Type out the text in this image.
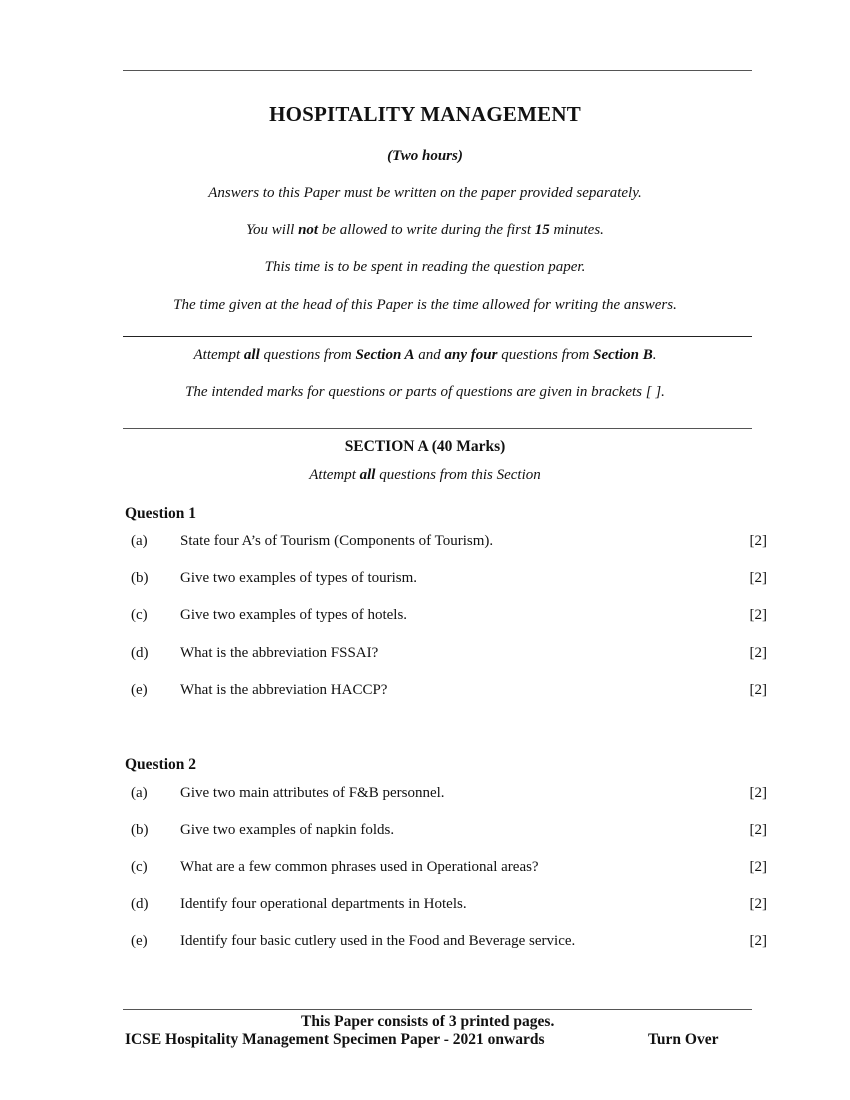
HOSPITALITY MANAGEMENT
(Two hours)
Answers to this Paper must be written on the paper provided separately.
You will not be allowed to write during the first 15 minutes.
This time is to be spent in reading the question paper.
The time given at the head of this Paper is the time allowed for writing the answers.
Attempt all questions from Section A and any four questions from Section B.
The intended marks for questions or parts of questions are given in brackets [ ].
SECTION A (40 Marks)
Attempt all questions from this Section
Question 1
(a) State four A’s of Tourism (Components of Tourism).	[2]
(b) Give two examples of types of tourism.	[2]
(c) Give two examples of types of hotels.	[2]
(d) What is the abbreviation FSSAI?	[2]
(e) What is the abbreviation HACCP?	[2]
Question 2
(a) Give two main attributes of F&B personnel.	[2]
(b) Give two examples of napkin folds.	[2]
(c) What are a few common phrases used in Operational areas?	[2]
(d) Identify four operational departments in Hotels.	[2]
(e) Identify four basic cutlery used in the Food and Beverage service.	[2]
This Paper consists of 3 printed pages.
ICSE Hospitality Management Specimen Paper - 2021 onwards	Turn Over
